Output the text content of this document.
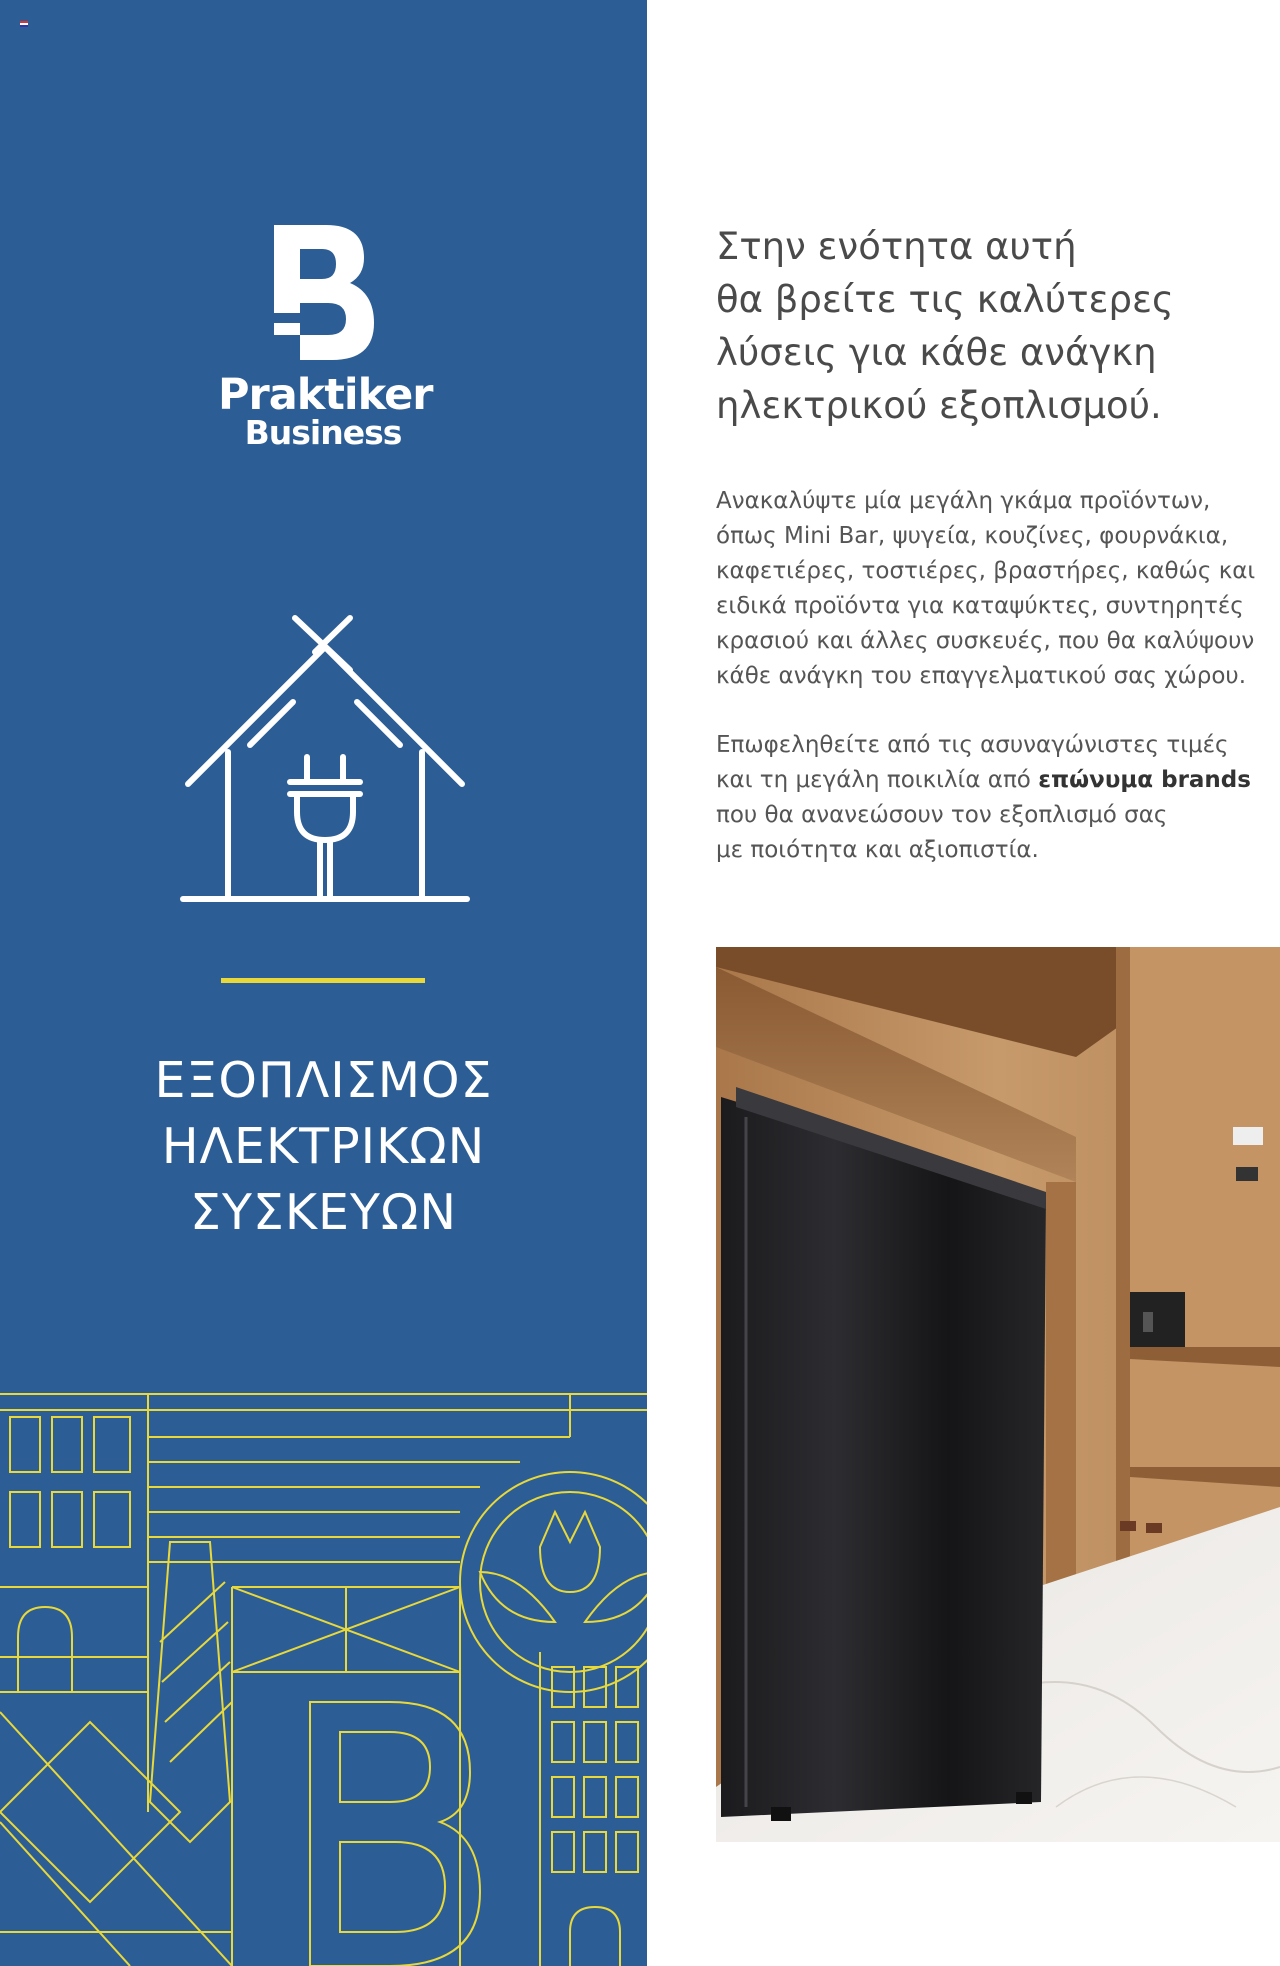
Praktiker
Business
ΕΞΟΠΛΙΣΜΟΣ
ΗΛΕΚΤΡΙΚΩΝ
ΣΥΣΚΕΥΩΝ
Στην ενότητα αυτή
θα βρείτε τις καλύτερες
λύσεις για κάθε ανάγκη
ηλεκτρικού εξοπλισμού.
Ανακαλύψτε μία μεγάλη γκάμα προϊόντων,
όπως Mini Bar, ψυγεία, κουζίνες, φουρνάκια,
καφετιέρες, τοστιέρες, βραστήρες, καθώς και
ειδικά προϊόντα για καταψύκτες, συντηρητές
κρασιού και άλλες συσκευές, που θα καλύψουν
κάθε ανάγκη του επαγγελματικού σας χώρου.
Επωφεληθείτε από τις ασυναγώνιστες τιμές
και τη μεγάλη ποικιλία από επώνυμα brands
που θα ανανεώσουν τον εξοπλισμό σας
με ποιότητα και αξιοπιστία.
